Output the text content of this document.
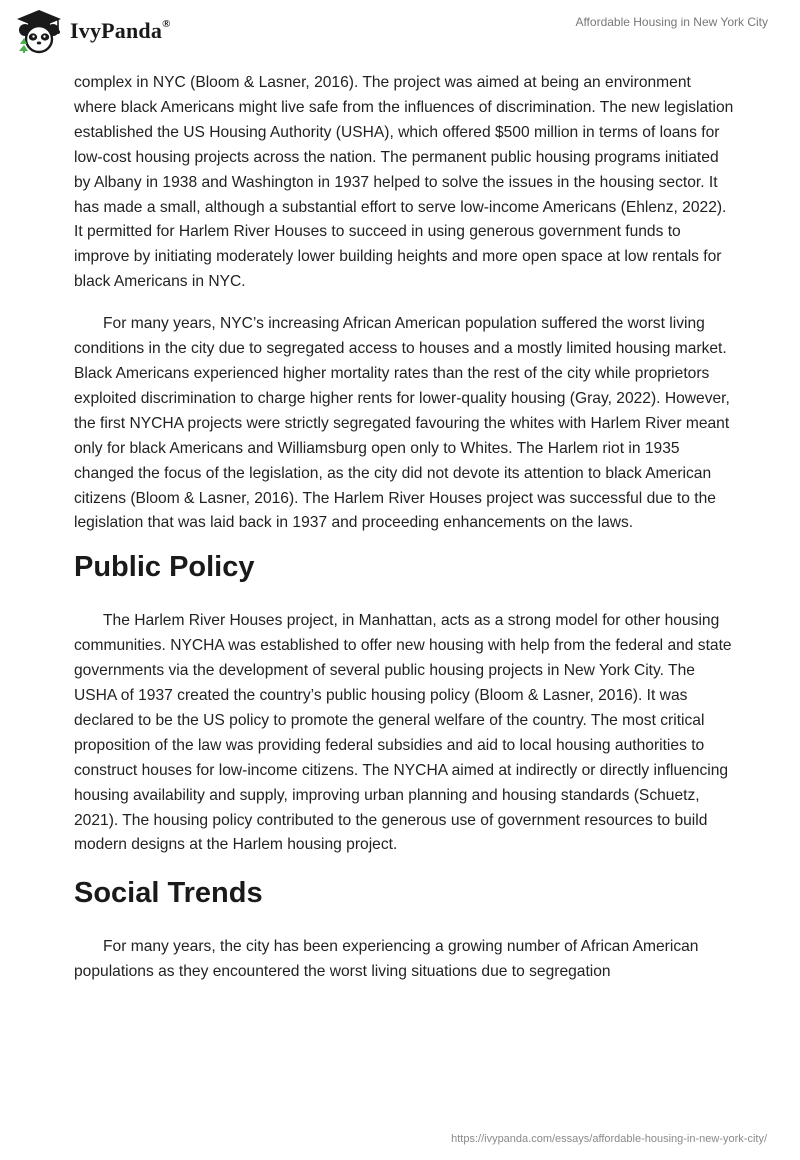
IvyPanda®	Affordable Housing in New York City

complex in NYC (Bloom & Lasner, 2016). The project was aimed at being an environment where black Americans might live safe from the influences of discrimination. The new legislation established the US Housing Authority (USHA), which offered $500 million in terms of loans for low-cost housing projects across the nation. The permanent public housing programs initiated by Albany in 1938 and Washington in 1937 helped to solve the issues in the housing sector. It has made a small, although a substantial effort to serve low-income Americans (Ehlenz, 2022). It permitted for Harlem River Houses to succeed in using generous government funds to improve by initiating moderately lower building heights and more open space at low rentals for black Americans in NYC.

For many years, NYC’s increasing African American population suffered the worst living conditions in the city due to segregated access to houses and a mostly limited housing market. Black Americans experienced higher mortality rates than the rest of the city while proprietors exploited discrimination to charge higher rents for lower-quality housing (Gray, 2022). However, the first NYCHA projects were strictly segregated favouring the whites with Harlem River meant only for black Americans and Williamsburg open only to Whites. The Harlem riot in 1935 changed the focus of the legislation, as the city did not devote its attention to black American citizens (Bloom & Lasner, 2016). The Harlem River Houses project was successful due to the legislation that was laid back in 1937 and proceeding enhancements on the laws.

Public Policy

The Harlem River Houses project, in Manhattan, acts as a strong model for other housing communities. NYCHA was established to offer new housing with help from the federal and state governments via the development of several public housing projects in New York City. The USHA of 1937 created the country’s public housing policy (Bloom & Lasner, 2016). It was declared to be the US policy to promote the general welfare of the country. The most critical proposition of the law was providing federal subsidies and aid to local housing authorities to construct houses for low-income citizens. The NYCHA aimed at indirectly or directly influencing housing availability and supply, improving urban planning and housing standards (Schuetz, 2021). The housing policy contributed to the generous use of government resources to build modern designs at the Harlem housing project.

Social Trends

For many years, the city has been experiencing a growing number of African American populations as they encountered the worst living situations due to segregation

https://ivypanda.com/essays/affordable-housing-in-new-york-city/
